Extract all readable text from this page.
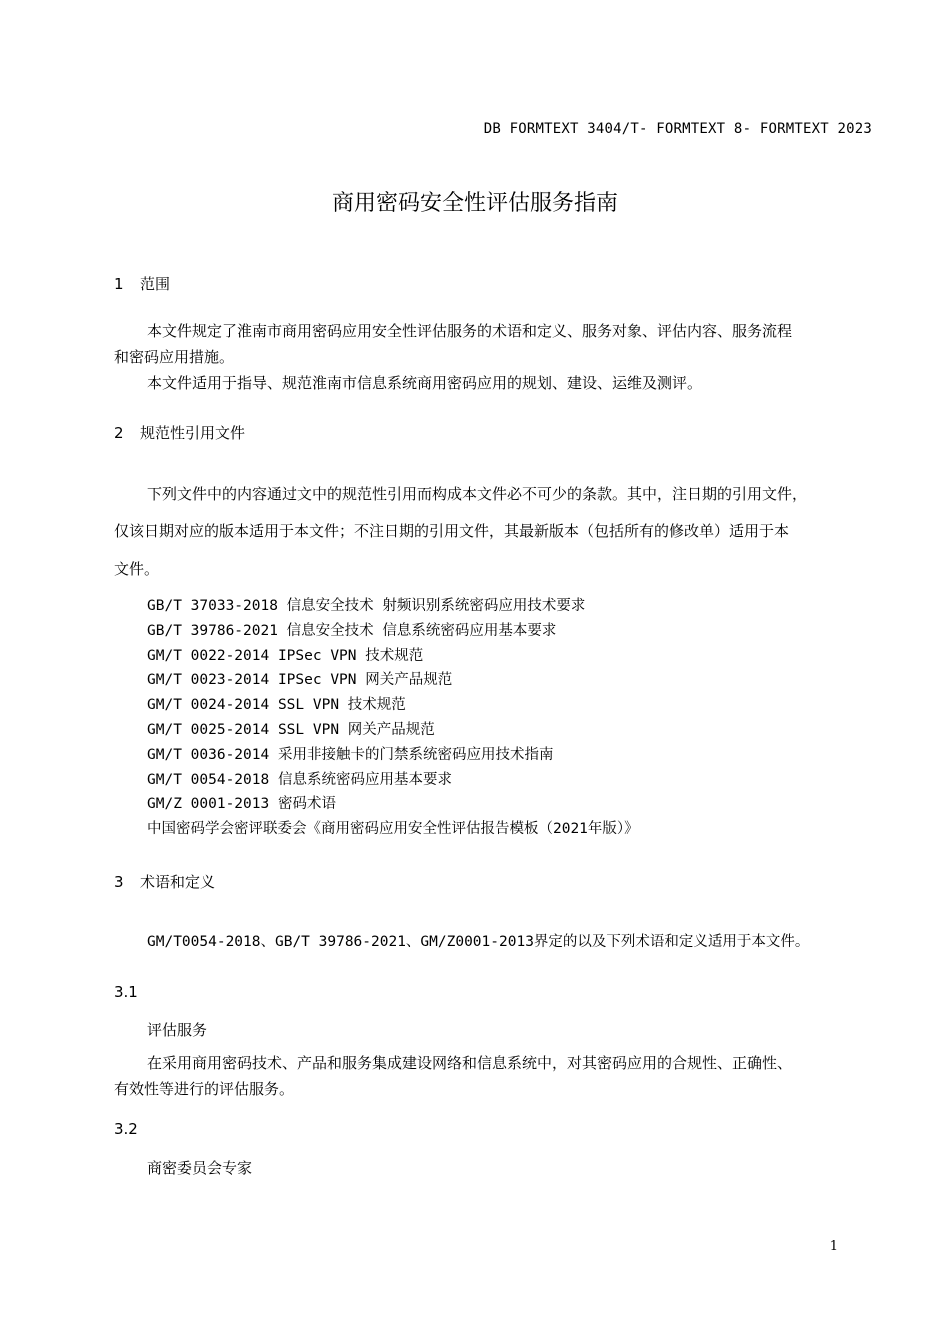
DB FORMTEXT 3404/T- FORMTEXT 8- FORMTEXT 2023
商用密码安全性评估服务指南
1 范围
本文件规定了淮南市商用密码应用安全性评估服务的术语和定义、服务对象、评估内容、服务流程
和密码应用措施。
本文件适用于指导、规范淮南市信息系统商用密码应用的规划、建设、运维及测评。
2 规范性引用文件
下列文件中的内容通过文中的规范性引用而构成本文件必不可少的条款。其中，注日期的引用文件，
仅该日期对应的版本适用于本文件；不注日期的引用文件，其最新版本（包括所有的修改单）适用于本
文件。
GB/T 37033-2018 信息安全技术 射频识别系统密码应用技术要求
GB/T 39786-2021 信息安全技术 信息系统密码应用基本要求
GM/T 0022-2014 IPSec VPN 技术规范
GM/T 0023-2014 IPSec VPN 网关产品规范
GM/T 0024-2014 SSL VPN 技术规范
GM/T 0025-2014 SSL VPN 网关产品规范
GM/T 0036-2014 采用非接触卡的门禁系统密码应用技术指南
GM/T 0054-2018 信息系统密码应用基本要求
GM/Z 0001-2013 密码术语
中国密码学会密评联委会《商用密码应用安全性评估报告模板（2021年版）》
3 术语和定义
GM/T0054-2018、GB/T 39786-2021、GM/Z0001-2013界定的以及下列术语和定义适用于本文件。
3.1
评估服务
在采用商用密码技术、产品和服务集成建设网络和信息系统中，对其密码应用的合规性、正确性、
有效性等进行的评估服务。
3.2
商密委员会专家
1
